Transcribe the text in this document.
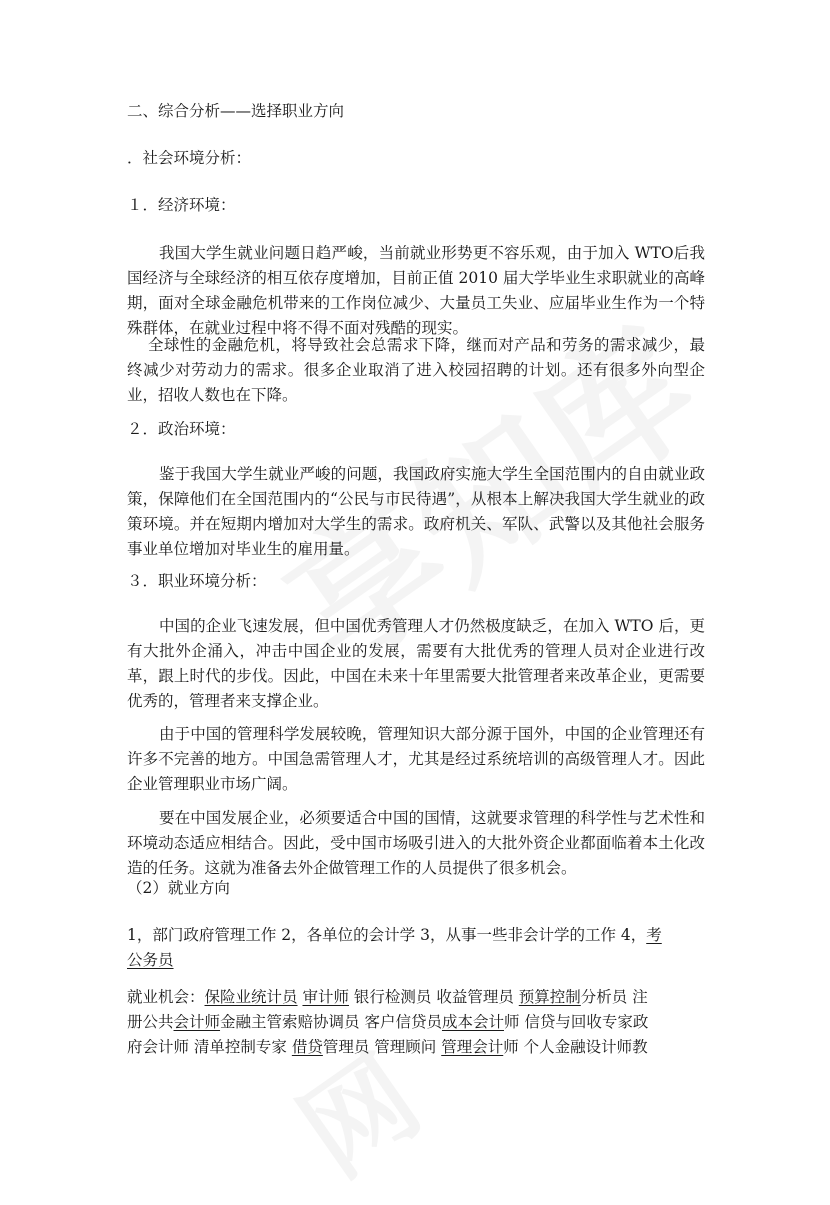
二、综合分析——选择职业方向
．社会环境分析：
１．经济环境：
我国大学生就业问题日趋严峻，当前就业形势更不容乐观，由于加入 WTO后我国经济与全球经济的相互依存度增加，目前正值 2010 届大学毕业生求职就业的高峰期，面对全球金融危机带来的工作岗位减少、大量员工失业、应届毕业生作为一个特殊群体，在就业过程中将不得不面对残酷的现实。
全球性的金融危机，将导致社会总需求下降，继而对产品和劳务的需求减少，最终减少对劳动力的需求。很多企业取消了进入校园招聘的计划。还有很多外向型企业，招收人数也在下降。
２．政治环境：
鉴于我国大学生就业严峻的问题，我国政府实施大学生全国范围内的自由就业政策，保障他们在全国范围内的“公民与市民待遇”，从根本上解决我国大学生就业的政策环境。并在短期内增加对大学生的需求。政府机关、军队、武警以及其他社会服务事业单位增加对毕业生的雇用量。
３．职业环境分析：
中国的企业飞速发展，但中国优秀管理人才仍然极度缺乏，在加入 WTO 后，更有大批外企涌入，冲击中国企业的发展，需要有大批优秀的管理人员对企业进行改革，跟上时代的步伐。因此，中国在未来十年里需要大批管理者来改革企业，更需要优秀的，管理者来支撑企业。
由于中国的管理科学发展较晚，管理知识大部分源于国外，中国的企业管理还有许多不完善的地方。中国急需管理人才，尤其是经过系统培训的高级管理人才。因此企业管理职业市场广阔。
要在中国发展企业，必须要适合中国的国情，这就要求管理的科学性与艺术性和环境动态适应相结合。因此，受中国市场吸引进入的大批外资企业都面临着本土化改造的任务。这就为准备去外企做管理工作的人员提供了很多机会。
（2）就业方向
1，部门政府管理工作 2，各单位的会计学 3，从事一些非会计学的工作 4，考
公务员
就业机会：保险业统计员 审计师 银行检测员 收益管理员 预算控制分析员 注
册公共会计师金融主管索赔协调员 客户信贷员成本会计师 信贷与回收专家政
府会计师 清单控制专家 借贷管理员 管理顾问 管理会计师 个人金融设计师教
